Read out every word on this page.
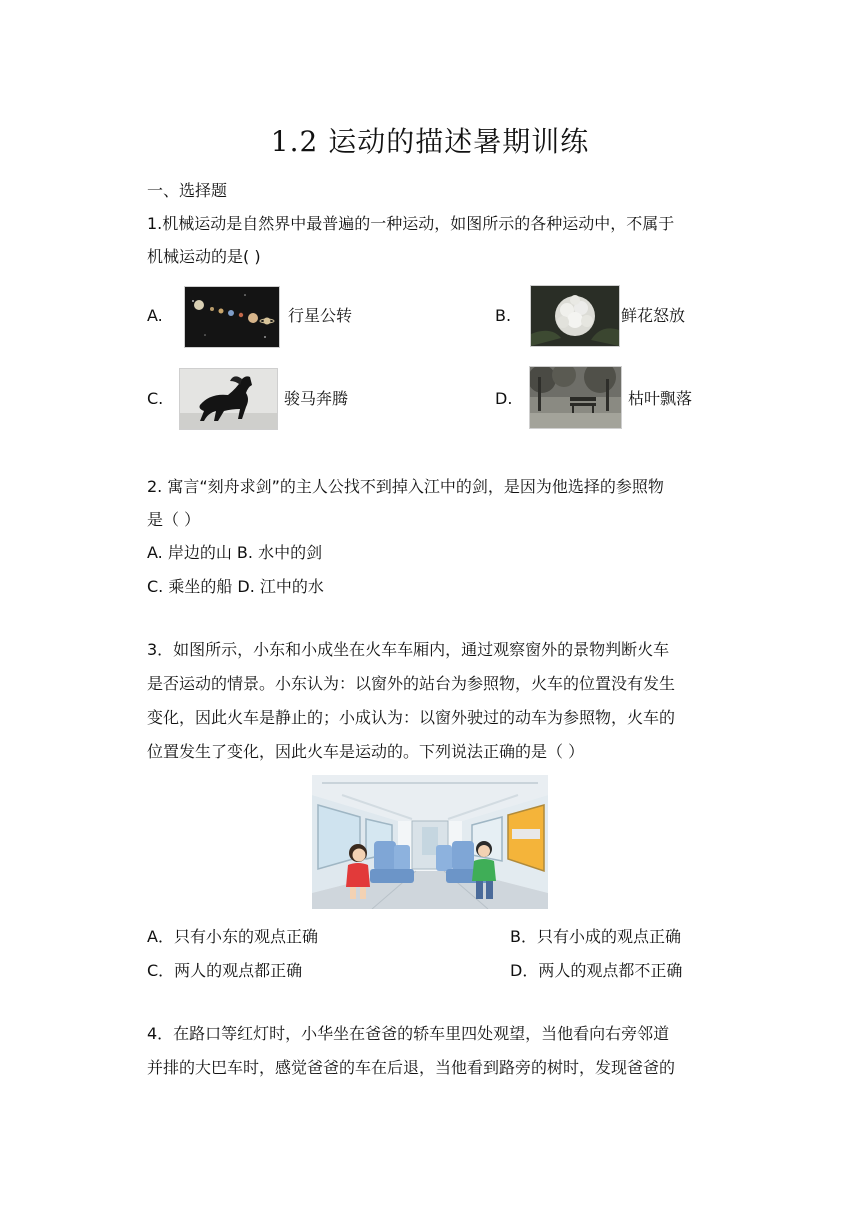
1.2 运动的描述暑期训练
一、选择题
1.机械运动是自然界中最普遍的一种运动，如图所示的各种运动中，不属于
机械运动的是( )
A.	行星公转	B.	鲜花怒放
C.	骏马奔腾	D.	枯叶飘落
2. 寓言“刻舟求剑”的主人公找不到掉入江中的剑，是因为他选择的参照物
是（ ）
A. 岸边的山 B. 水中的剑
C. 乘坐的船 D. 江中的水
3．如图所示，小东和小成坐在火车车厢内，通过观察窗外的景物判断火车
是否运动的情景。小东认为：以窗外的站台为参照物，火车的位置没有发生
变化，因此火车是静止的；小成认为：以窗外驶过的动车为参照物，火车的
位置发生了变化，因此火车是运动的。下列说法正确的是（ ）
A．只有小东的观点正确	B．只有小成的观点正确
C．两人的观点都正确	D．两人的观点都不正确
4．在路口等红灯时，小华坐在爸爸的轿车里四处观望，当他看向右旁邻道
并排的大巴车时，感觉爸爸的车在后退，当他看到路旁的树时，发现爸爸的
